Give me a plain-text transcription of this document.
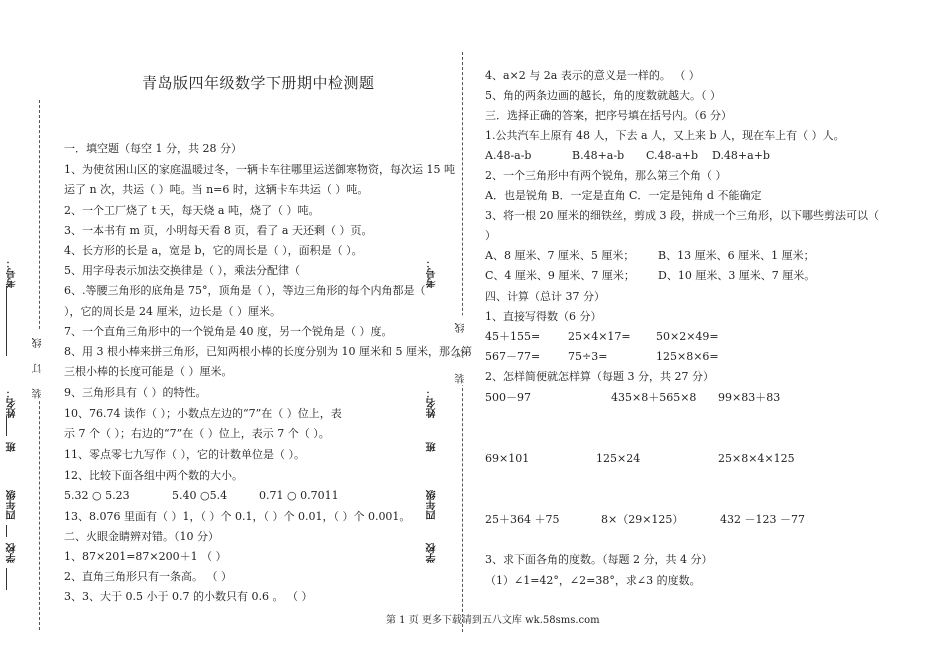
青岛版四年级数学下册期中检测题
考号：
姓名：
班
四年级
学校
装 订 线
考号：
姓名：
班
四年级
学校
装 订 线
一．填空题（每空 1 分，共 28 分）
1、为使贫困山区的家庭温暖过冬，一辆卡车往哪里运送御寒物资，每次运 15 吨
运了 n 次，共运（ ）吨。当 n=6 时，这辆卡车共运（ ）吨。
2、一个工厂烧了 t 天，每天烧 a 吨，烧了（ ）吨。
3、一本书有 m 页，小明每天看 8 页，看了 a 天还剩（ ）页。
4、长方形的长是 a，宽是 b，它的周长是（ ），面积是（ ）。
5、用字母表示加法交换律是（ ），乘法分配律（
6、.等腰三角形的底角是 75°，顶角是（ ），等边三角形的每个内角都是（
），它的周长是 24 厘米，边长是（ ）厘米。
7、一个直角三角形中的一个锐角是 40 度，另一个锐角是（ ）度。
8、用 3 根小棒来拼三角形，已知两根小棒的长度分别为 10 厘米和 5 厘米，那么第
三根小棒的长度可能是（ ）厘米。
9、三角形具有（ ）的特性。
10、76.74 读作（ ）；小数点左边的“7”在（ ）位上，表
示 7 个（ ）；右边的“7”在（ ）位上，表示 7 个（ ）。
11、零点零七九写作（ ），它的计数单位是（ ）。
12、比较下面各组中两个数的大小。
5.32 ○ 5.23	5.40 ○5.4	0.71 ○ 0.7011
13、8.076 里面有（ ）1，（ ）个 0.1，（ ）个 0.01，（ ）个 0.001。
二、火眼金睛辨对错。（10 分）
1、87×201=87×200＋1 （ ）
2、直角三角形只有一条高。 （ ）
3、3、大于 0.5 小于 0.7 的小数只有 0.6 。 （ ）
4、a×2 与 2a 表示的意义是一样的。 （ ）
5、角的两条边画的越长，角的度数就越大。（ ）
三．选择正确的答案，把序号填在括号内。（6 分）
1.公共汽车上原有 48 人，下去 a 人，又上来 b 人，现在车上有（ ）人。
A.48-a-b	B.48+a-b C.48-a+b D.48+a+b
2、一个三角形中有两个锐角，那么第三个角（ ）
A．也是锐角 B．一定是直角 C．一定是钝角 d 不能确定
3、将一根 20 厘米的细铁丝，剪成 3 段，拼成一个三角形，以下哪些剪法可以（
）
A、8 厘米、7 厘米、5 厘米； B、13 厘米、6 厘米、1 厘米；
C、4 厘米、9 厘米、7 厘米； D、10 厘米、3 厘米、7 厘米。
四、计算（总计 37 分）
1、直接写得数（6 分）
45＋155=	25×4×17= 50×2×49=
567－77=	75÷3=	125×8×6=
2、怎样简便就怎样算（每题 3 分，共 27 分）
500－97	435×8＋565×8 99×83＋83
69×101	125×24	25×8×4×125
25＋364 ＋75	8×（29×125）	432 －123 －77
3、求下面各角的度数。（每题 2 分，共 4 分）
（1）∠1=42°，∠2=38°，求∠3 的度数。
第 1 页 更多下载请到五八文库 wk.58sms.com
